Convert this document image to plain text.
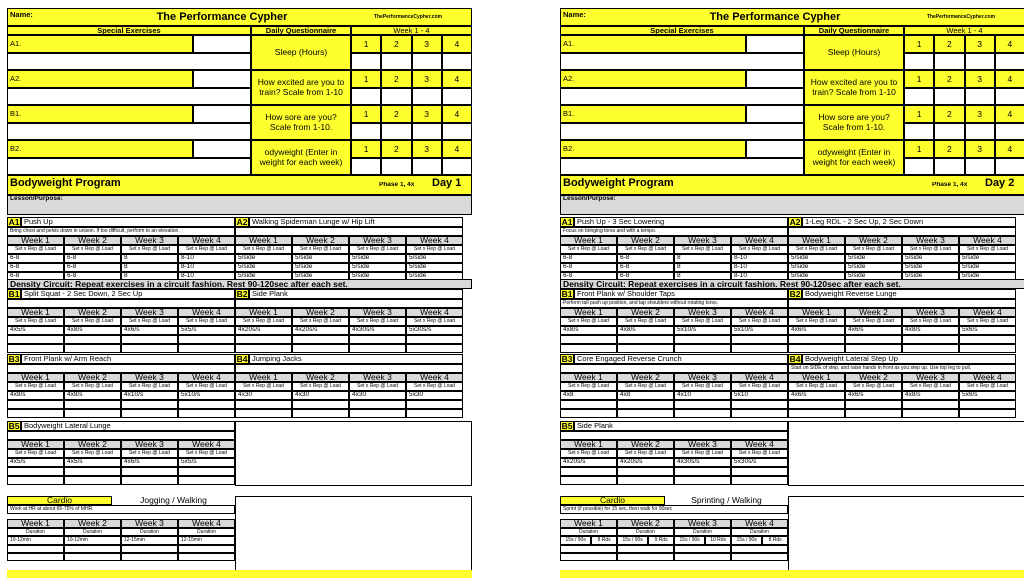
Name:	The Performance Cypher	ThePerformanceCypher.com
Special Exercises	Daily Questionnaire	Week 1 - 4
A1.
Sleep (Hours)
1	2	3	4
A2.	How excited are you to train? Scale from 1-10
1	2	3	4
B1.	How sore are you? Scale from 1-10.
1	2	3	4
B2.	odyweight (Enter in weight for each week)
1	2	3	4
Bodyweight Program	Phase 1, 4x	Day 1
Lesson/Purpose:
A1 Push Up
Bring chest and pelvis down in unison. If too difficult, perform to an elevation.
Week 1	Week 2	Week 3	Week 4
Set x Rep @ Load	Set x Rep @ Load	Set x Rep @ Load	Set x Rep @ Load
6-8	6-8	8	8-10
6-8	6-8	8	8-10
6-8	6-8	8	8-10
A2 Walking Spiderman Lunge w/ Hip Lift
Week 1	Week 2	Week 3	Week 4
Set x Rep @ Load	Set x Rep @ Load	Set x Rep @ Load	Set x Rep @ Load
5/side	5/side	5/side	5/side
5/side	5/side	5/side	5/side
5/side	5/side	5/side	5/side
Density Circuit: Repeat exercises in a circuit fashion. Rest 90-120sec after each set.
B1 Split Squat - 2 Sec Down, 2 Sec Up
Week 1	Week 2	Week 3	Week 4
Set x Rep @ Load	Set x Rep @ Load	Set x Rep @ Load	Set x Rep @ Load
4x5/s	4x8/s	4x6/s	5x5/s
B2 Side Plank
Week 1	Week 2	Week 3	Week 4
Set x Rep @ Load	Set x Rep @ Load	Set x Rep @ Load	Set x Rep @ Load
4x20s/s	4x20s/s	4x30s/s	5x30s/s
B3 Front Plank w/ Arm Reach
Week 1	Week 2	Week 3	Week 4
Set x Rep @ Load	Set x Rep @ Load	Set x Rep @ Load	Set x Rep @ Load
4x8/s	4x8/s	4x10/s	5x10/s
B4 Jumping Jacks
Week 1	Week 2	Week 3	Week 4
Set x Rep @ Load	Set x Rep @ Load	Set x Rep @ Load	Set x Rep @ Load
4x30	4x30	4x30	5x30
B5 Bodyweight Lateral Lunge
Week 1	Week 2	Week 3	Week 4
Set x Rep @ Load	Set x Rep @ Load	Set x Rep @ Load	Set x Rep @ Load
4x5/s	4x5/s	4x6/s	5x5/s
Cardio	Jogging / Walking
Work at HR at about 65-75% of MHR.
Week 1	Week 2	Week 3	Week 4
Duration	Duration	Duration	Duration
10-12min	10-12min	12-15min	12-15min
Name:	The Performance Cypher	ThePerformanceCypher.com
Special Exercises	Daily Questionnaire	Week 1 - 4
A1.
Sleep (Hours)
1	2	3	4
A2.	How excited are you to train? Scale from 1-10
1	2	3	4
B1.	How sore are you? Scale from 1-10.
1	2	3	4
B2.	odyweight (Enter in weight for each week)
1	2	3	4
Bodyweight Program	Phase 1, 4x	Day 2
Lesson/Purpose:
A1 Push Up - 3 Sec Lowering
Focus on bringing torso and with a tempo.
Week 1	Week 2	Week 3	Week 4
Set x Rep @ Load	Set x Rep @ Load	Set x Rep @ Load	Set x Rep @ Load
6-8	6-8	8	8-10
6-8	6-8	8	8-10
6-8	6-8	8	8-10
A2 1-Leg RDL - 2 Sec Up, 2 Sec Down
Week 1	Week 2	Week 3	Week 4
Set x Rep @ Load	Set x Rep @ Load	Set x Rep @ Load	Set x Rep @ Load
5/side	5/side	5/side	5/side
5/side	5/side	5/side	5/side
5/side	5/side	5/side	5/side
Density Circuit: Repeat exercises in a circuit fashion. Rest 90-120sec after each set.
B1 Front Plank w/ Shoulder Taps
Perform tall push up position, and tap shoulders without rotating torso.
Week 1	Week 2	Week 3	Week 4
Set x Rep @ Load	Set x Rep @ Load	Set x Rep @ Load	Set x Rep @ Load
4x8/s	4x8/s	5x10/s	5x10/s
B2 Bodyweight Reverse Lunge
Week 1	Week 2	Week 3	Week 4
Set x Rep @ Load	Set x Rep @ Load	Set x Rep @ Load	Set x Rep @ Load
4x6/s	4x6/s	4x8/s	5x6/s
B3 Core Engaged Reverse Crunch
Week 1	Week 2	Week 3	Week 4
Set x Rep @ Load	Set x Rep @ Load	Set x Rep @ Load	Set x Rep @ Load
4x8	4x8	4x10	5x10
B4 Bodyweight Lateral Step Up
Start on SIDE of step, and raise hands in front as you step up. Use top leg to pull.
Week 1	Week 2	Week 3	Week 4
Set x Rep @ Load	Set x Rep @ Load	Set x Rep @ Load	Set x Rep @ Load
4x6/s	4x6/s	4x8/s	5x6/s
B5 Side Plank
Week 1	Week 2	Week 3	Week 4
Set x Rep @ Load	Set x Rep @ Load	Set x Rep @ Load	Set x Rep @ Load
4x20s/s	4x20s/s	4x30s/s	5x30s/s
Cardio	Sprinting / Walking
Sprint (if possible) for 15 sec, then walk for 90sec
Week 1	Week 2	Week 3	Week 4
Duration	Duration	Duration	Duration
15s / 90s	8 Rds	15s / 90s	9 Rds	15s / 90s	10 Rds	15s / 90s	8 Rds
